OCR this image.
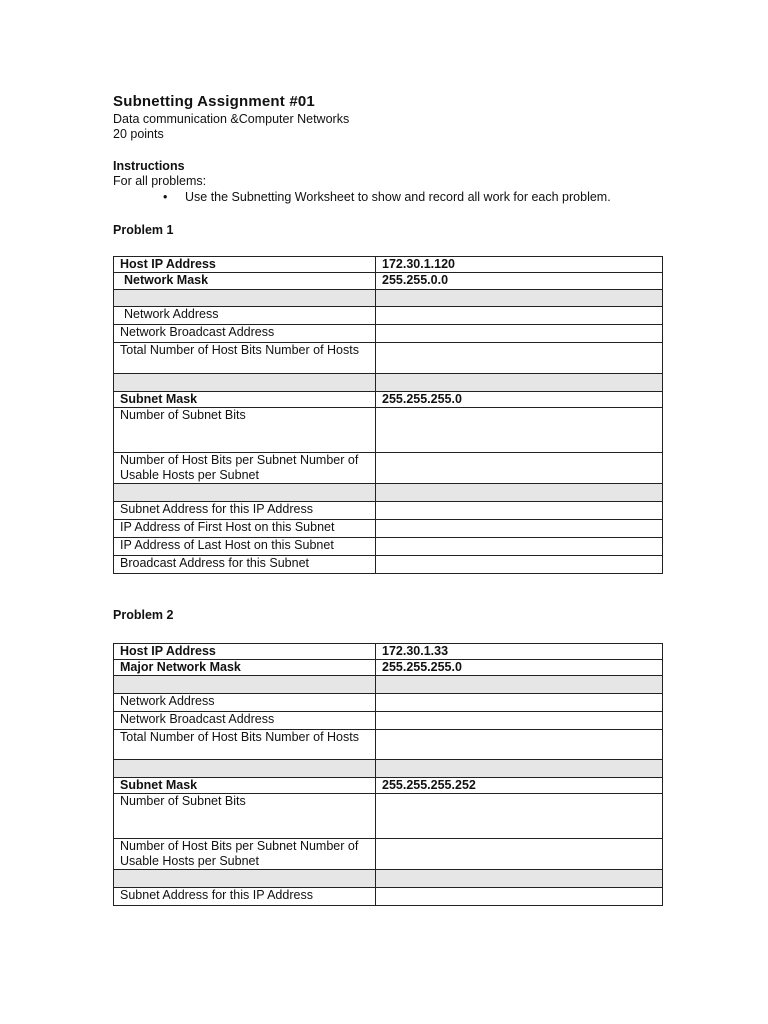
Subnetting Assignment #01
Data communication &Computer Networks
20 points
Instructions
For all problems:
• Use the Subnetting Worksheet to show and record all work for each problem.
Problem 1
Host IP Address	172.30.1.120
Network Mask	255.255.0.0

Network Address	
Network Broadcast Address	
Total Number of Host Bits Number of Hosts	

Subnet Mask	255.255.255.0
Number of Subnet Bits	
Number of Host Bits per Subnet Number of Usable Hosts per Subnet	

Subnet Address for this IP Address	
IP Address of First Host on this Subnet	
IP Address of Last Host on this Subnet	
Broadcast Address for this Subnet	
Problem 2
Host IP Address	172.30.1.33
Major Network Mask	255.255.255.0

Network Address	
Network Broadcast Address	
Total Number of Host Bits Number of Hosts	

Subnet Mask	255.255.255.252
Number of Subnet Bits	
Number of Host Bits per Subnet Number of Usable Hosts per Subnet	

Subnet Address for this IP Address	
